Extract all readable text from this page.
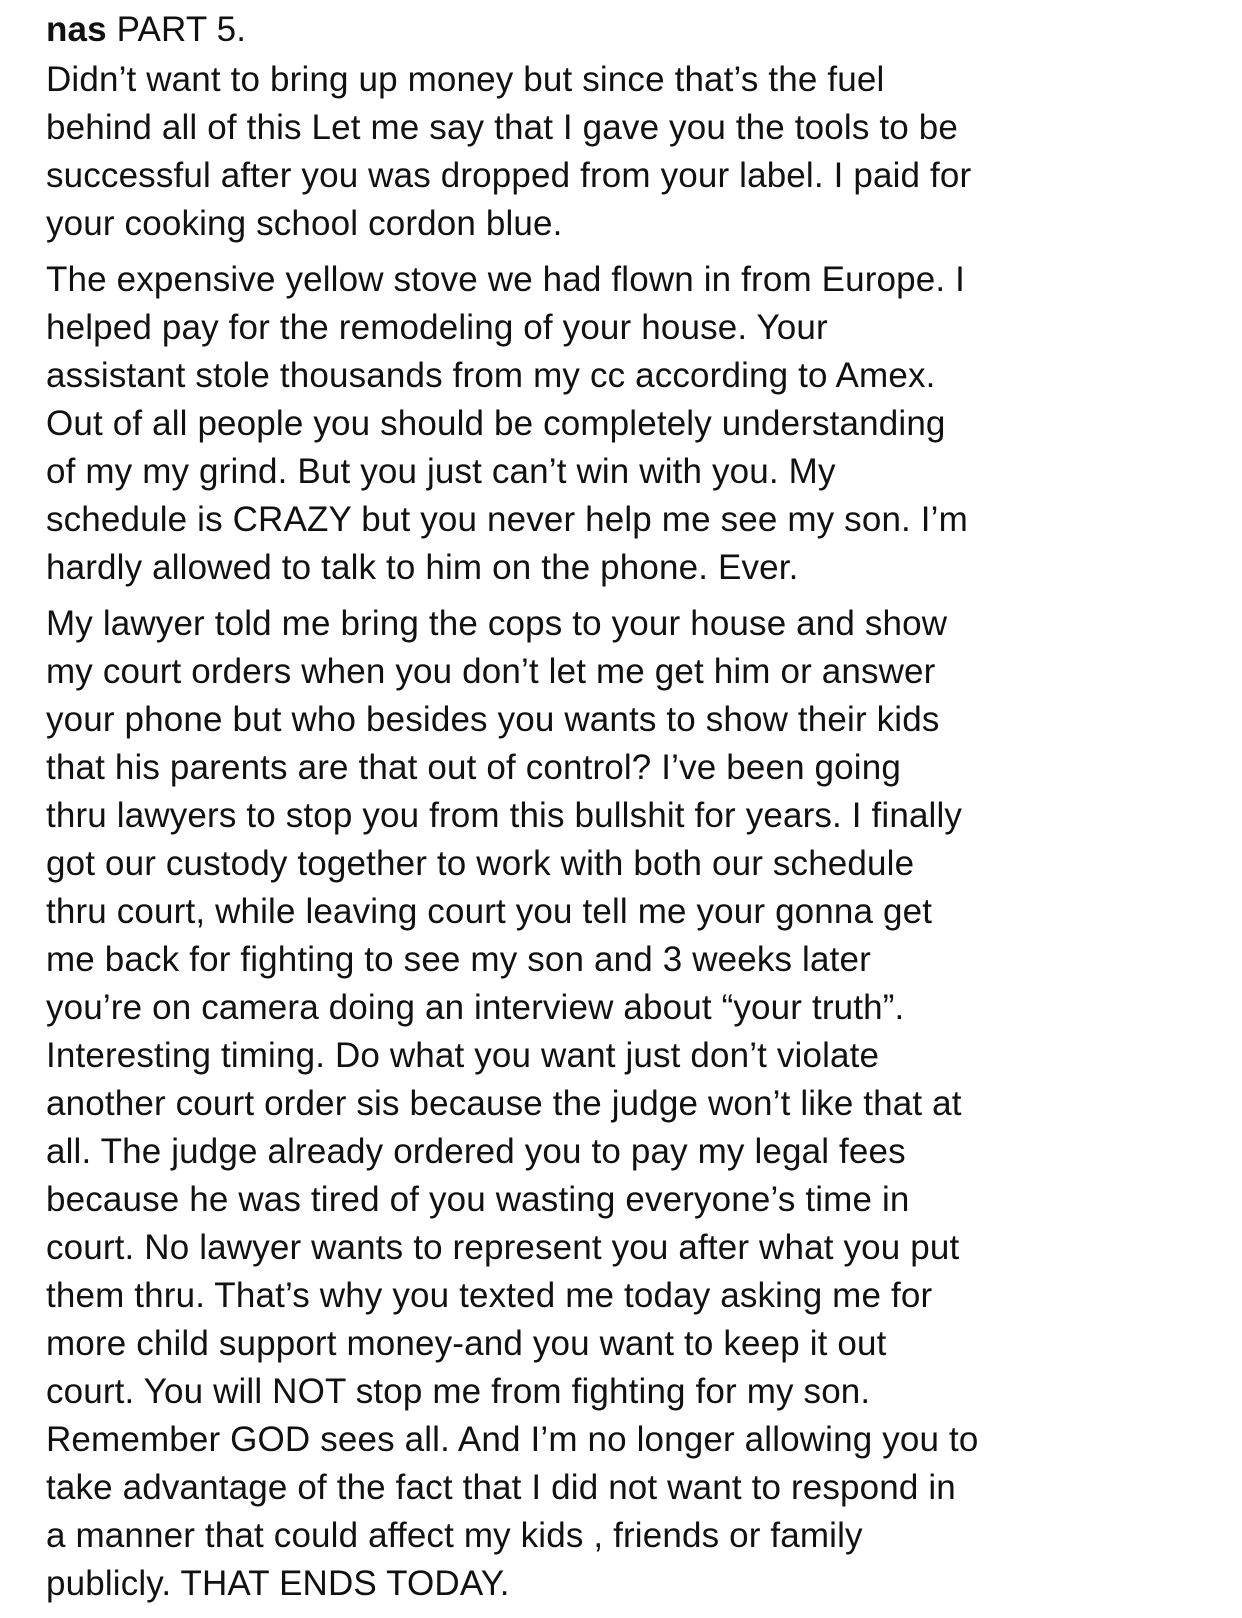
nas PART 5.

Didn’t want to bring up money but since that’s the fuel
behind all of this Let me say that I gave you the tools to be
successful after you was dropped from your label. I paid for
your cooking school cordon blue.

The expensive yellow stove we had flown in from Europe. I
helped pay for the remodeling of your house. Your
assistant stole thousands from my cc according to Amex.
Out of all people you should be completely understanding
of my my grind. But you just can’t win with you. My
schedule is CRAZY but you never help me see my son. I’m
hardly allowed to talk to him on the phone. Ever.

My lawyer told me bring the cops to your house and show
my court orders when you don’t let me get him or answer
your phone but who besides you wants to show their kids
that his parents are that out of control? I’ve been going
thru lawyers to stop you from this bullshit for years. I finally
got our custody together to work with both our schedule
thru court, while leaving court you tell me your gonna get
me back for fighting to see my son and 3 weeks later
you’re on camera doing an interview about “your truth”.
Interesting timing. Do what you want just don’t violate
another court order sis because the judge won’t like that at
all. The judge already ordered you to pay my legal fees
because he was tired of you wasting everyone’s time in
court. No lawyer wants to represent you after what you put
them thru. That’s why you texted me today asking me for
more child support money-and you want to keep it out
court. You will NOT stop me from fighting for my son.
Remember GOD sees all. And I’m no longer allowing you to
take advantage of the fact that I did not want to respond in
a manner that could affect my kids , friends or family
publicly. THAT ENDS TODAY.
